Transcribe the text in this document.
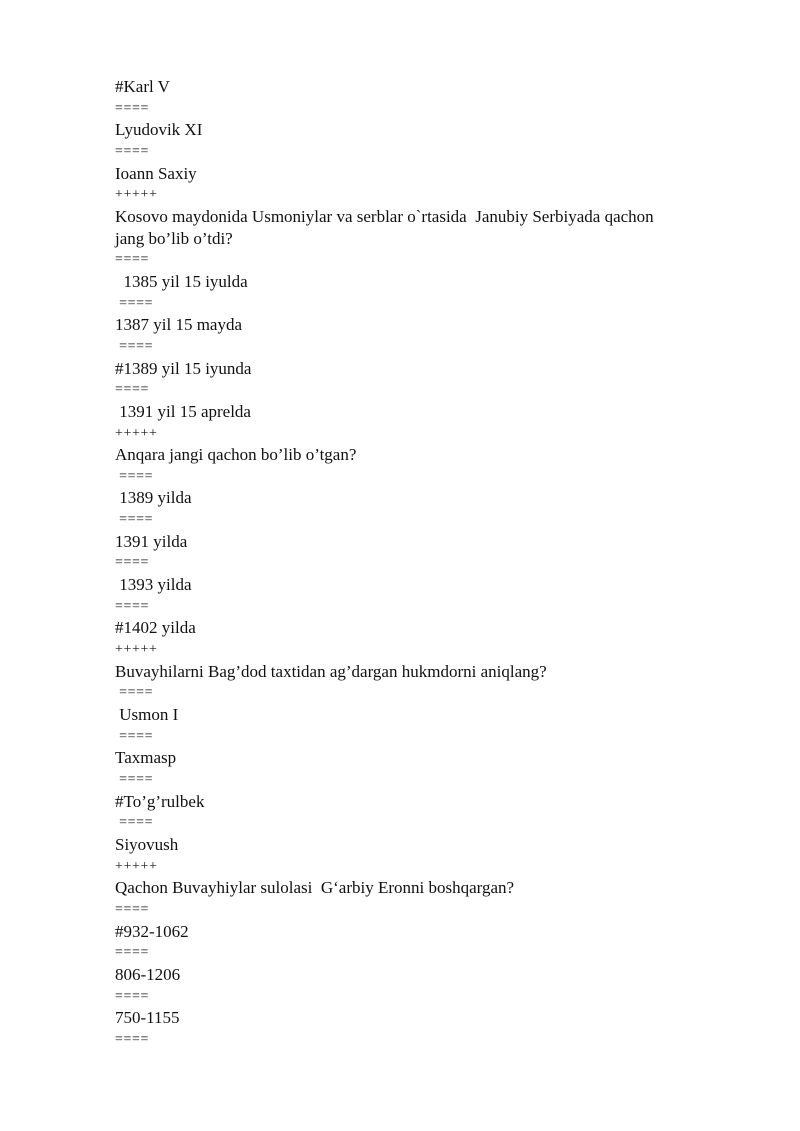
#Karl V
====
Lyudovik XI
====
Ioann Saxiy
+++++
Kosovo maydonida Usmoniylar va serblar o`rtasida  Janubiy Serbiyada qachon
jang bo’lib o’tdi?
====
1385 yil 15 iyulda
====
1387 yil 15 mayda
====
#1389 yil 15 iyunda
====
1391 yil 15 aprelda
+++++
Anqara jangi qachon bo’lib o’tgan?
====
1389 yilda
====
1391 yilda
====
1393 yilda
====
#1402 yilda
+++++
Buvayhilarni Bag’dod taxtidan ag’dargan hukmdorni aniqlang?
====
Usmon I
====
Taxmasp
====
#To’g’rulbek
====
Siyovush
+++++
Qachon Buvayhiylar sulolasi  G‘arbiy Eronni boshqargan?
====
#932-1062
====
806-1206
====
750-1155
====
